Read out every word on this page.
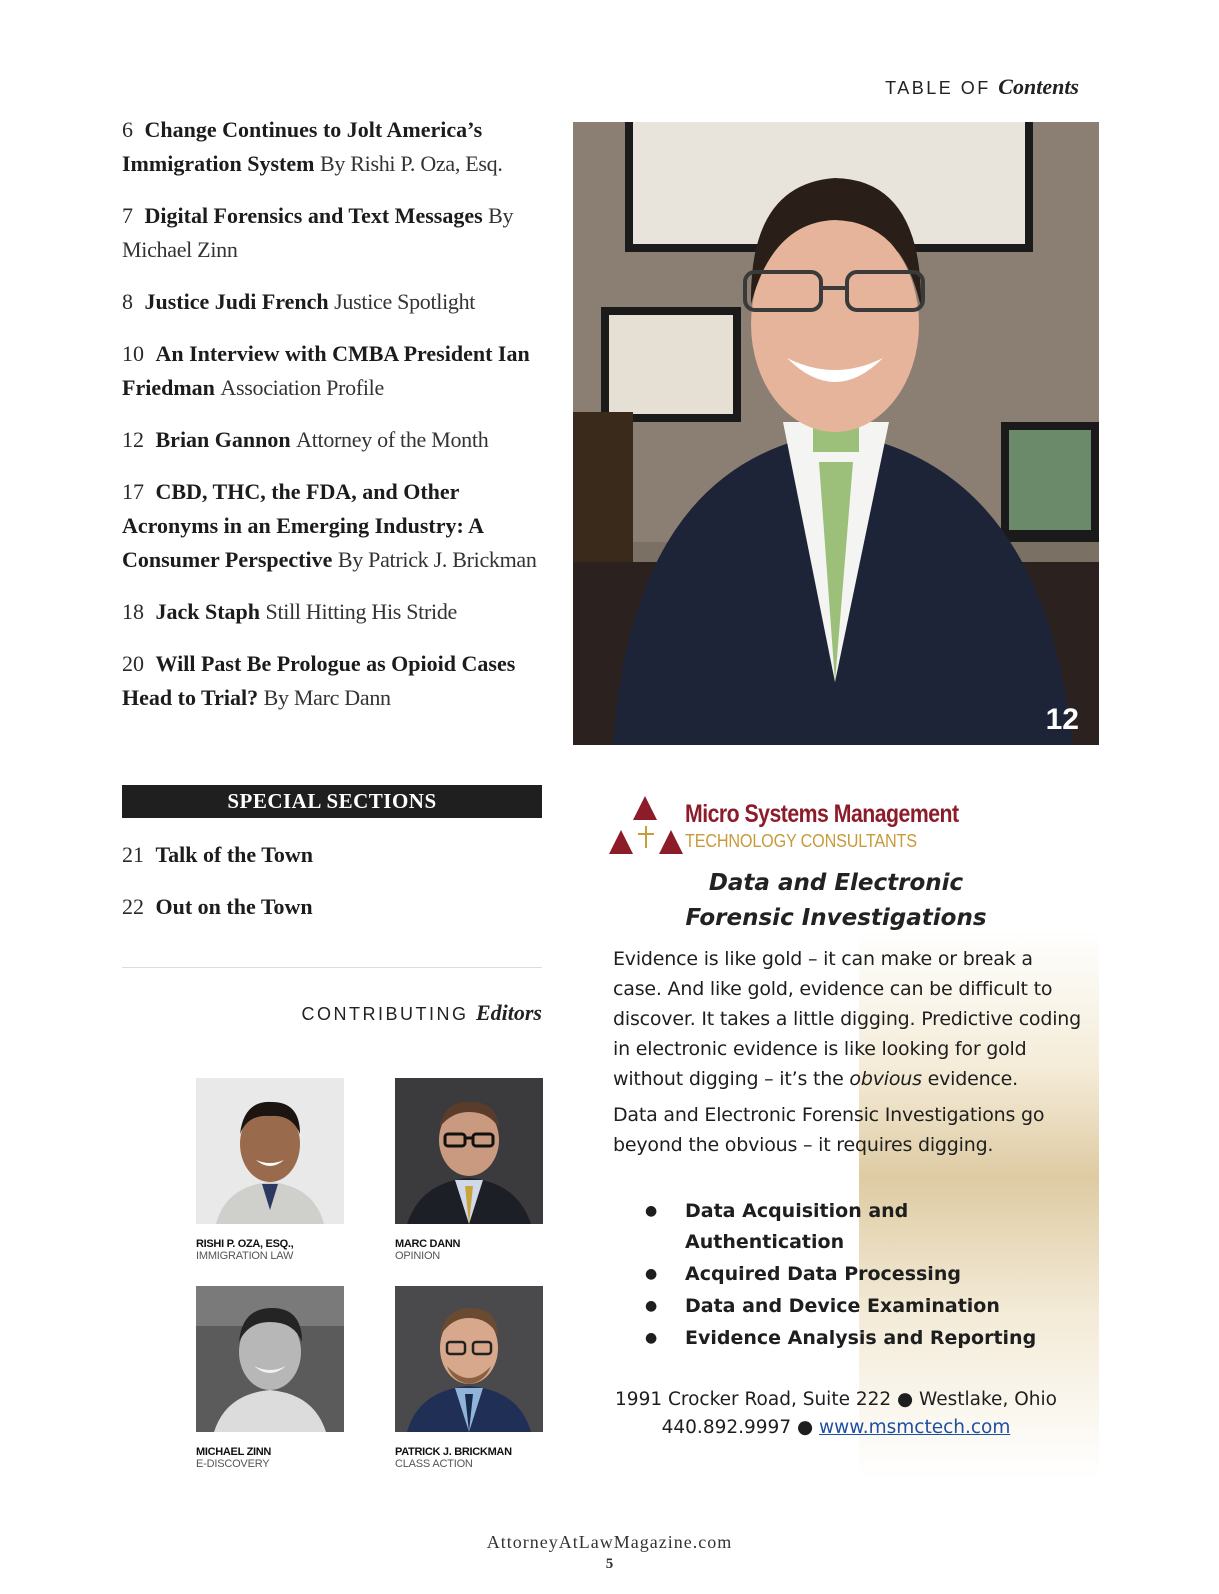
TABLE OF Contents
6 Change Continues to Jolt America’s Immigration System By Rishi P. Oza, Esq.
7 Digital Forensics and Text Messages By Michael Zinn
8 Justice Judi French Justice Spotlight
10 An Interview with CMBA President Ian Friedman Association Profile
12 Brian Gannon Attorney of the Month
17 CBD, THC, the FDA, and Other Acronyms in an Emerging Industry: A Consumer Perspective By Patrick J. Brickman
18 Jack Staph Still Hitting His Stride
20 Will Past Be Prologue as Opioid Cases Head to Trial? By Marc Dann
SPECIAL SECTIONS
21 Talk of the Town
22 Out on the Town
CONTRIBUTING Editors
RISHI P. OZA, ESQ.,
IMMIGRATION LAW
MARC DANN
OPINION
MICHAEL ZINN
E-DISCOVERY
PATRICK J. BRICKMAN
CLASS ACTION
12
Micro Systems Management
TECHNOLOGY CONSULTANTS
Data and Electronic
Forensic Investigations

Evidence is like gold – it can make or break a case. And like gold, evidence can be difficult to discover. It takes a little digging. Predictive coding in electronic evidence is like looking for gold without digging – it’s the obvious evidence.

Data and Electronic Forensic Investigations go beyond the obvious – it requires digging.

● Data Acquisition and Authentication
● Acquired Data Processing
● Data and Device Examination
● Evidence Analysis and Reporting
1991 Crocker Road, Suite 222 ● Westlake, Ohio
440.892.9997 ● www.msmctech.com
AttorneyAtLawMagazine.com
5
